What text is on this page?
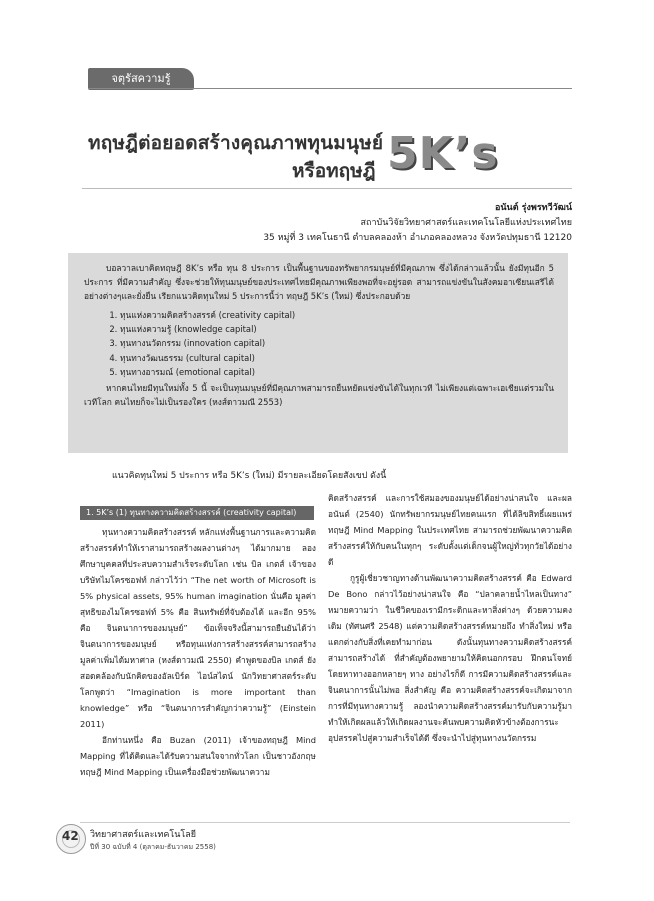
จตุรัสความรู้
ทฤษฎีต่อยอดสร้างคุณภาพทุนมนุษย์
หรือทฤษฎี 5K’s
อนันต์ รุ่งพรทวีวัฒน์
สถาบันวิจัยวิทยาศาสตร์และเทคโนโลยีแห่งประเทศไทย
35 หมู่ที่ 3 เทคโนธานี ตำบลคลองห้า อำเภอคลองหลวง จังหวัดปทุมธานี 12120

บอลวาลเบาคิดทฤษฎี 8K’s หรือ ทุน 8 ประการ เป็นพื้นฐานของทรัพยากรมนุษย์ที่มีคุณภาพ ซึ่งได้กล่าวแล้วนั้น ยังมีทุนอีก 5 ประการ ที่มีความสำคัญ ซึ่งจะช่วยให้ทุนมนุษย์ของประเทศไทยมีคุณภาพเพียงพอที่จะอยู่รอด สามารถแข่งขันในสังคมอาเซียนเสรีได้อย่างต่างๆและยั่งยืน เรียกแนวคิดทุนใหม่ 5 ประการนี้ว่า ทฤษฎี 5K’s (ใหม่) ซึ่งประกอบด้วย

1. ทุนแห่งความคิดสร้างสรรค์ (creativity capital)
2. ทุนแห่งความรู้ (knowledge capital)
3. ทุนทางนวัตกรรม (innovation capital)
4. ทุนทางวัฒนธรรม (cultural capital)
5. ทุนทางอารมณ์ (emotional capital)

หากคนไทยมีทุนใหม่ทั้ง 5 นี้ จะเป็นทุนมนุษย์ที่มีคุณภาพสามารถยืนหยัดแข่งขันได้ในทุกเวที ไม่เพียงแต่เฉพาะเอเชียแต่รวมในเวทีโลก คนไทยก็จะไม่เป็นรองใคร (หงส์ดาวมณี 2553)

แนวคิดทุนใหม่ 5 ประการ หรือ 5K’s (ใหม่) มีรายละเอียดโดยสังเขป ดังนี้
1. 5K’s (1) ทุนทางความคิดสร้างสรรค์ (creativity capital)

ทุนทางความคิดสร้างสรรค์ หลักแห่งพื้นฐานการและความคิดสร้างสรรค์ทำให้เราสามารถสร้างผลงานต่างๆ ได้มากมาย ลองศึกษาบุคคลที่ประสบความสำเร็จระดับโลก เช่น บิล เกตส์ เจ้าของบริษัทไมโครซอฟท์ กล่าวไว้ว่า “The net worth of Microsoft is 5% physical assets, 95% human imagination นั่นคือ มูลค่าสุทธิของไมโครซอฟท์ 5% คือ สินทรัพย์ที่จับต้องได้ และอีก 95% คือ จินตนาการของมนุษย์” ข้อเท็จจริงนี้สามารถยืนยันได้ว่าจินตนาการของมนุษย์ หรือทุนแห่งการสร้างสรรค์สามารถสร้างมูลค่าเพิ่มได้มหาศาล (หงส์ดาวมณี 2550) คำพูดของบิล เกตส์ ยังสอดคล้องกับนักคิดของอัลเบิร์ต ไอน์สไตน์ นักวิทยาศาสตร์ระดับโลกพูดว่า “Imagination is more important than knowledge” หรือ “จินตนาการสำคัญกว่าความรู้” (Einstein 2011)

อีกท่านหนึ่ง คือ Buzan (2011) เจ้าของทฤษฎี Mind Mapping ที่ได้คิดและได้รับความสนใจจากทั่วโลก เป็นชาวอังกฤษ ทฤษฎี Mind Mapping เป็นเครื่องมือช่วยพัฒนาความ

คิดสร้างสรรค์ และการใช้สมองของมนุษย์ได้อย่างน่าสนใจ และผลอนันต์ (2540) นักทรัพยากรมนุษย์ไทยคนแรก ที่ได้ลิขสิทธิ์เผยแพร่ทฤษฎี Mind Mapping ในประเทศไทย สามารถช่วยพัฒนาความคิดสร้างสรรค์ให้กับคนในทุกๆ ระดับตั้งแต่เด็กจนผู้ใหญ่ทั่วทุกวัยได้อย่างดี

กูรูผู้เชี่ยวชาญทางด้านพัฒนาความคิดสร้างสรรค์ คือ Edward De Bono กล่าวไว้อย่างน่าสนใจ คือ “ปลาคลายน้ำไหลเป็นทาง” หมายความว่า ในชีวิตของเรามีกระดิกและหาสิ่งต่างๆ ด้วยความคงเดิม (ทัศนศรี 2548) แต่ความคิดสร้างสรรค์หมายถึง ทำสิ่งใหม่ หรือแตกต่างกับสิ่งที่เคยทำมาก่อน ดังนั้นทุนทางความคิดสร้างสรรค์สามารถสร้างได้ ที่สำคัญต้องพยายามให้คิดนอกกรอบ ฝึกตนโจทย์โดยหาทางออกหลายๆ ทาง อย่างไรก็ดี การมีความคิดสร้างสรรค์และจินตนาการนั้นไม่พอ สิ่งสำคัญ คือ ความคิดสร้างสรรค์จะเกิดมาจากการที่มีทุนทางความรู้ ลองนำความคิดสร้างสรรค์มารับกับความรู้มาทำให้เกิดผลแล้วให้เกิดผลงานจะค้นพบความคิดหัวข้างต้องการนะ อุปสรรคไปสู่ความสำเร็จได้ดี ซึ่งจะนำไปสู่ทุนทางนวัตกรรม

42 วิทยาศาสตร์และเทคโนโลยี
ปีที่ 30 ฉบับที่ 4 (ตุลาคม-ธันวาคม 2558)
